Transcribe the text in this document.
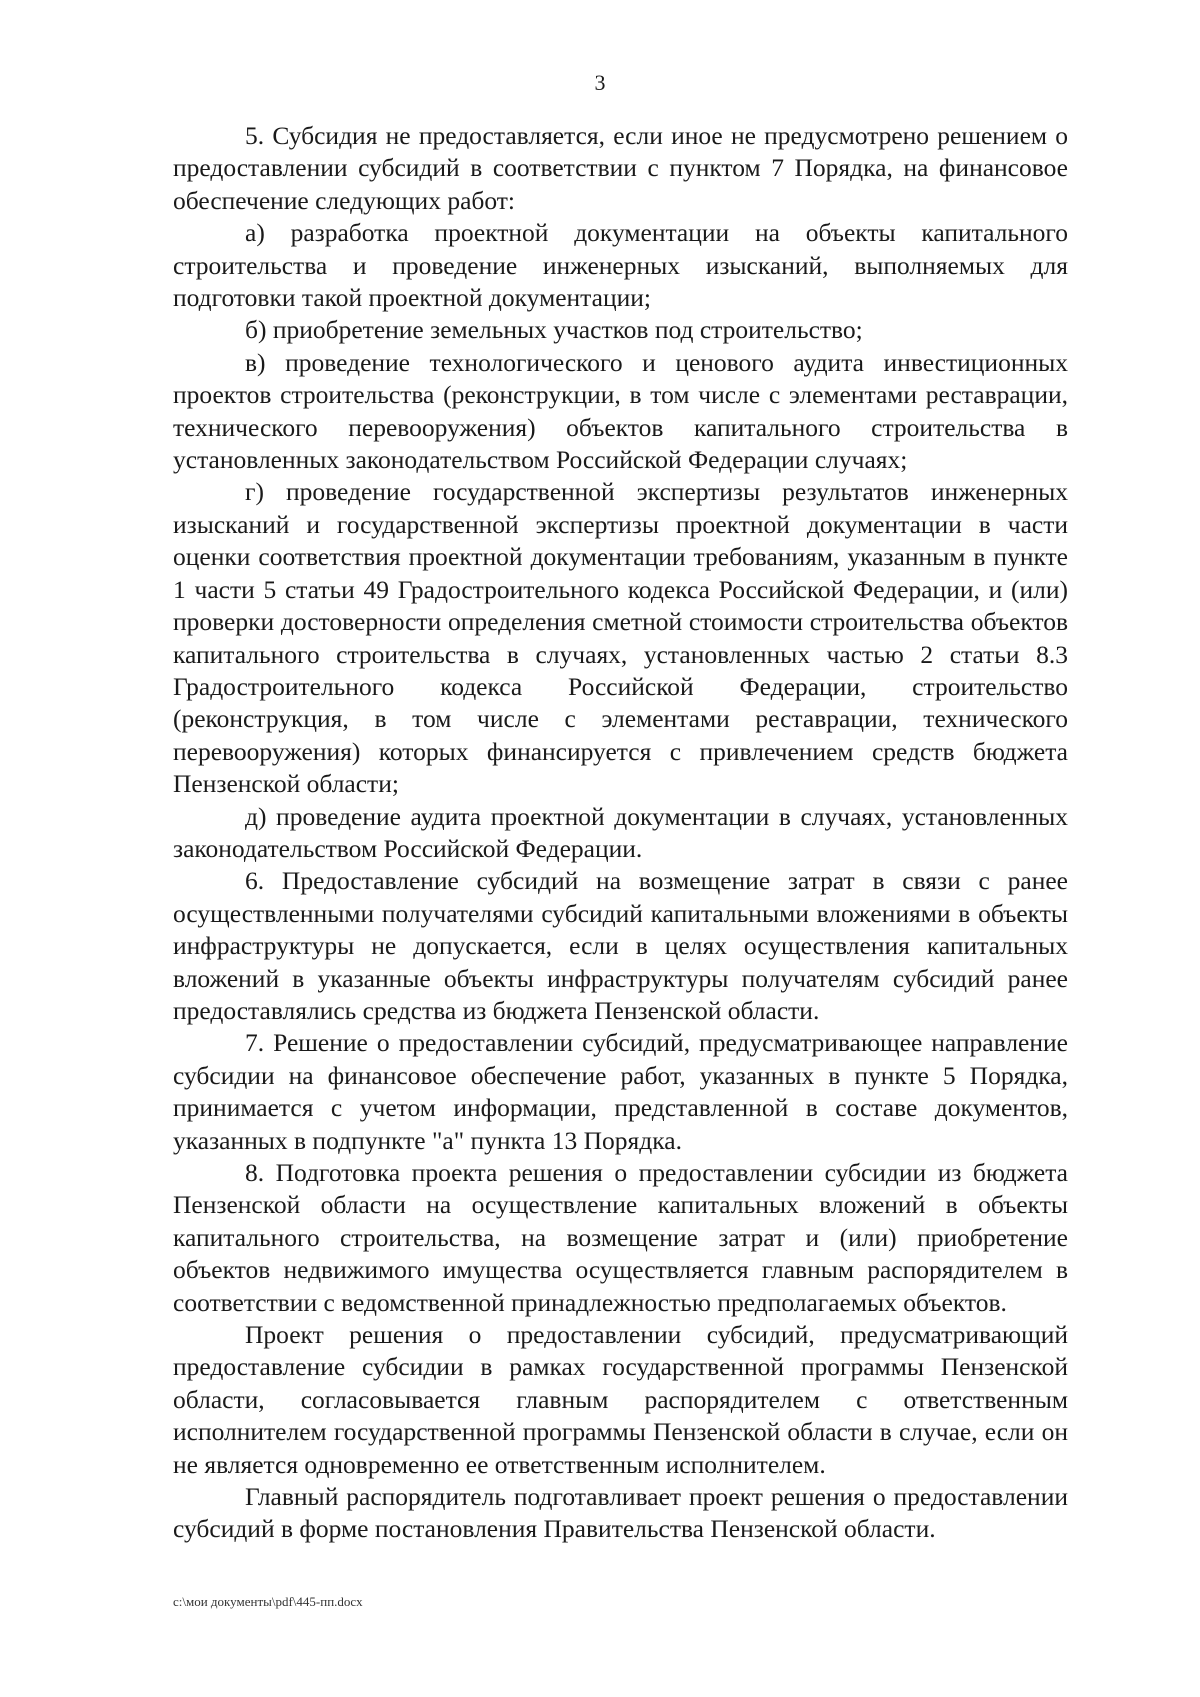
3

5. Субсидия не предоставляется, если иное не предусмотрено решением о предоставлении субсидий в соответствии с пунктом 7 Порядка, на финансовое обеспечение следующих работ:

а) разработка проектной документации на объекты капитального строительства и проведение инженерных изысканий, выполняемых для подготовки такой проектной документации;

б) приобретение земельных участков под строительство;

в) проведение технологического и ценового аудита инвестиционных проектов строительства (реконструкции, в том числе с элементами реставрации, технического перевооружения) объектов капитального строительства в установленных законодательством Российской Федерации случаях;

г) проведение государственной экспертизы результатов инженерных изысканий и государственной экспертизы проектной документации в части оценки соответствия проектной документации требованиям, указанным в пункте 1 части 5 статьи 49 Градостроительного кодекса Российской Федерации, и (или) проверки достоверности определения сметной стоимости строительства объектов капитального строительства в случаях, установленных частью 2 статьи 8.3 Градостроительного кодекса Российской Федерации, строительство (реконструкция, в том числе с элементами реставрации, технического перевооружения) которых финансируется с привлечением средств бюджета Пензенской области;

д) проведение аудита проектной документации в случаях, установленных законодательством Российской Федерации.

6. Предоставление субсидий на возмещение затрат в связи с ранее осуществленными получателями субсидий капитальными вложениями в объекты инфраструктуры не допускается, если в целях осуществления капитальных вложений в указанные объекты инфраструктуры получателям субсидий ранее предоставлялись средства из бюджета Пензенской области.

7. Решение о предоставлении субсидий, предусматривающее направление субсидии на финансовое обеспечение работ, указанных в пункте 5 Порядка, принимается с учетом информации, представленной в составе документов, указанных в подпункте "а" пункта 13 Порядка.

8. Подготовка проекта решения о предоставлении субсидии из бюджета Пензенской области на осуществление капитальных вложений в объекты капитального строительства, на возмещение затрат и (или) приобретение объектов недвижимого имущества осуществляется главным распорядителем в соответствии с ведомственной принадлежностью предполагаемых объектов.

Проект решения о предоставлении субсидий, предусматривающий предоставление субсидии в рамках государственной программы Пензенской области, согласовывается главным распорядителем с ответственным исполнителем государственной программы Пензенской области в случае, если он не является одновременно ее ответственным исполнителем.

Главный распорядитель подготавливает проект решения о предоставлении субсидий в форме постановления Правительства Пензенской области.

c:\мои документы\pdf\445-пп.docx
